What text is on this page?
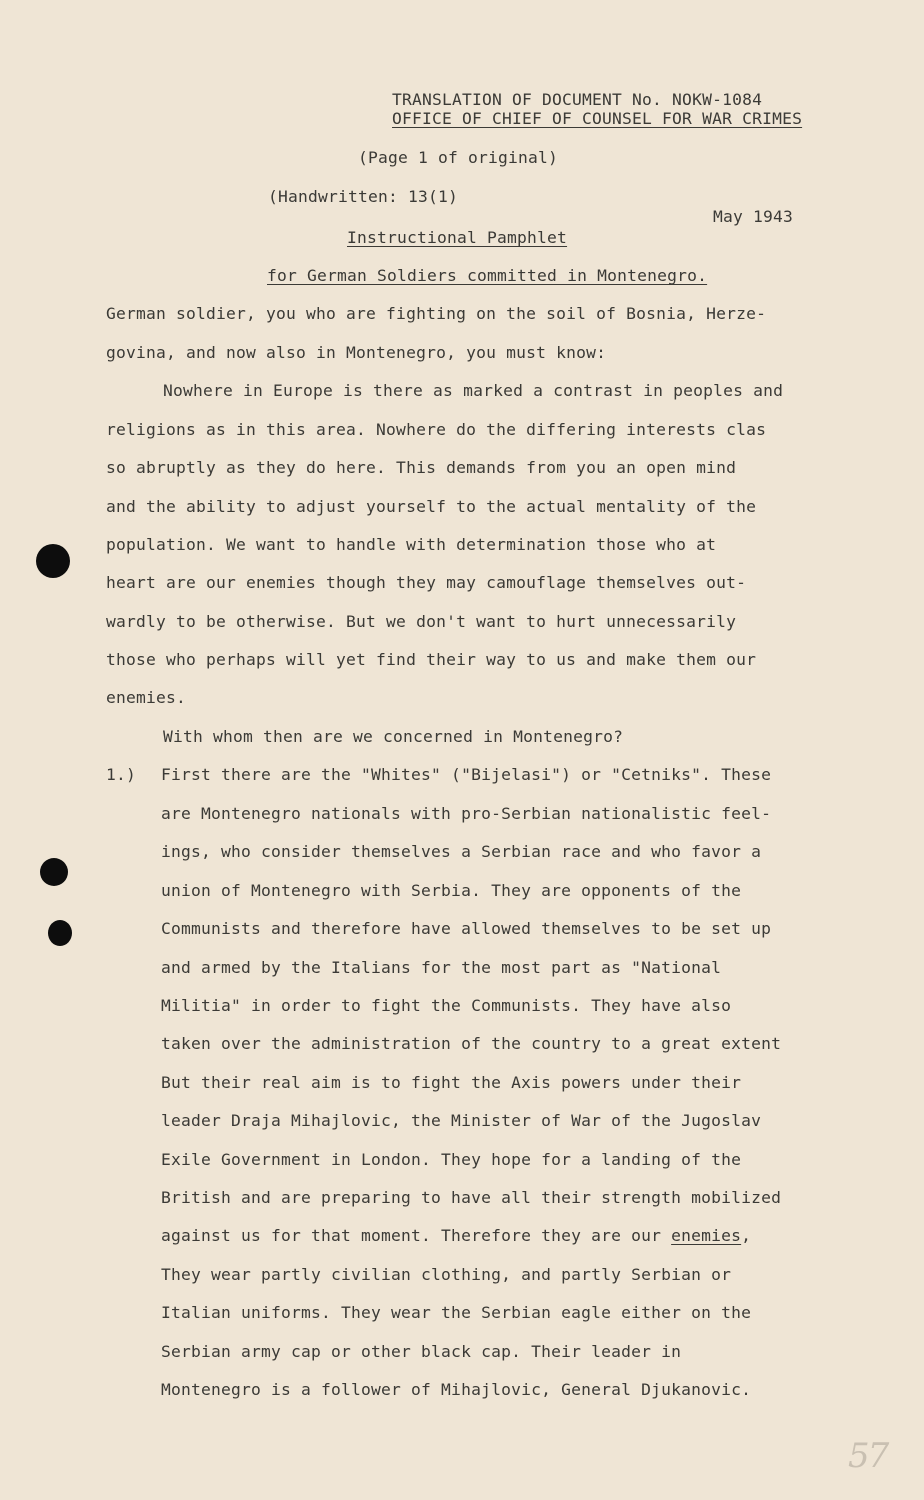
TRANSLATION OF DOCUMENT No. NOKW-1084
OFFICE OF CHIEF OF COUNSEL FOR WAR CRIMES
(Page 1 of original)
(Handwritten: 13(1)
May 1943
Instructional Pamphlet
for German Soldiers committed in Montenegro.
German soldier, you who are fighting on the soil of Bosnia, Herze-
govina, and now also in Montenegro, you must know:
Nowhere in Europe is there as marked a contrast in peoples and
religions as in this area. Nowhere do the differing interests clas
so abruptly as they do here. This demands from you an open mind
and the ability to adjust yourself to the actual mentality of the
population. We want to handle with determination those who at
heart are our enemies though they may camouflage themselves out-
wardly to be otherwise. But we don't want to hurt unnecessarily
those who perhaps will yet find their way to us and make them our
enemies.
With whom then are we concerned in Montenegro?
1.) First there are the "Whites" ("Bijelasi") or "Cetniks". These
are Montenegro nationals with pro-Serbian nationalistic feel-
ings, who consider themselves a Serbian race and who favor a
union of Montenegro with Serbia. They are opponents of the
Communists and therefore have allowed themselves to be set up
and armed by the Italians for the most part as "National
Militia" in order to fight the Communists. They have also
taken over the administration of the country to a great extent
But their real aim is to fight the Axis powers under their
leader Draja Mihajlovic, the Minister of War of the Jugoslav
Exile Government in London. They hope for a landing of the
British and are preparing to have all their strength mobilized
against us for that moment. Therefore they are our enemies,
They wear partly civilian clothing, and partly Serbian or
Italian uniforms. They wear the Serbian eagle either on the
Serbian army cap or other black cap. Their leader in
Montenegro is a follower of Mihajlovic, General Djukanovic.
57
